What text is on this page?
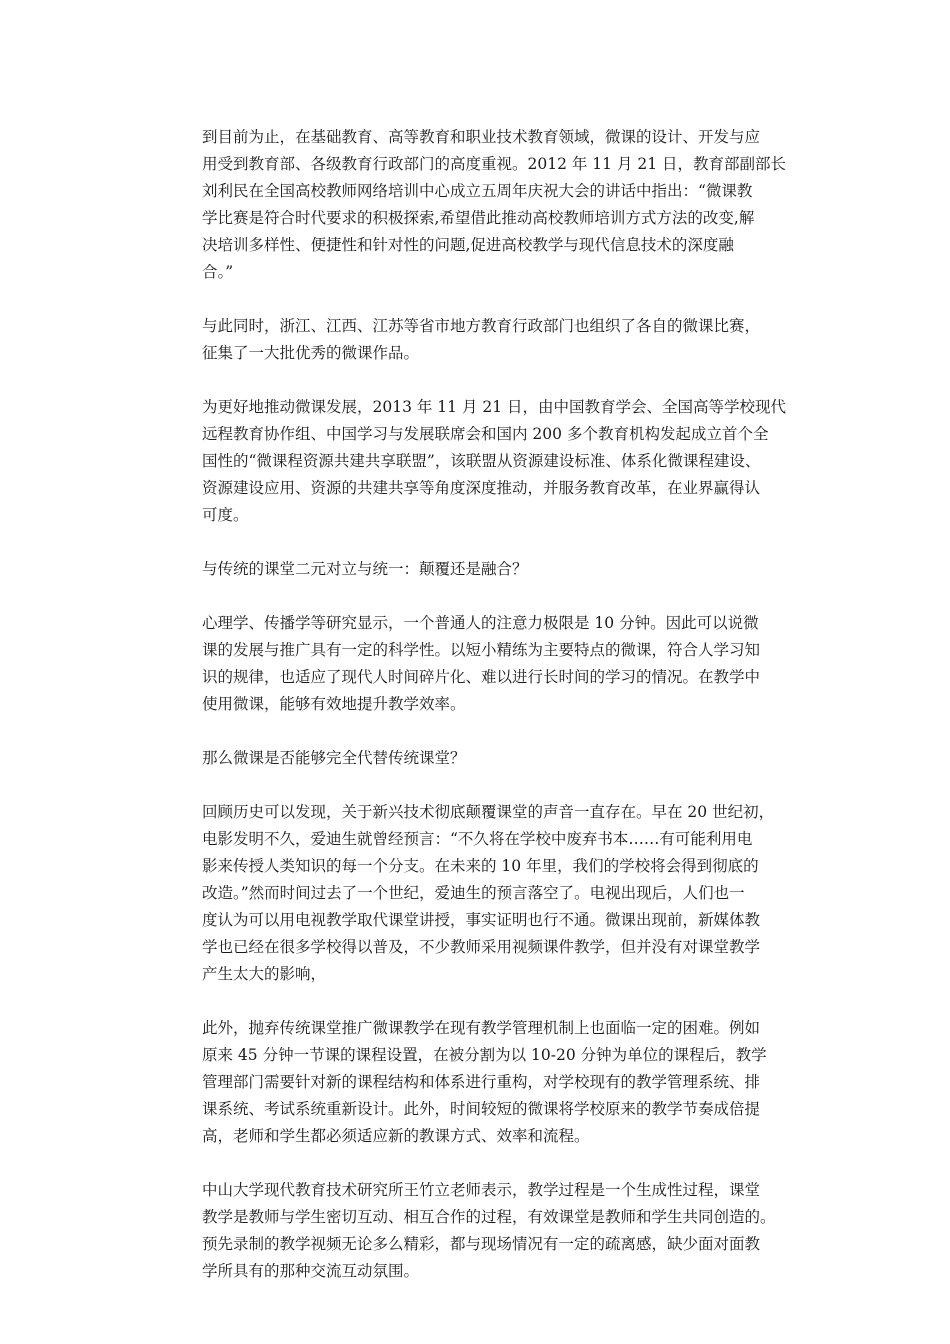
到目前为止，在基础教育、高等教育和职业技术教育领域，微课的设计、开发与应
用受到教育部、各级教育行政部门的高度重视。2012 年 11 月 21 日，教育部副部长
刘利民在全国高校教师网络培训中心成立五周年庆祝大会的讲话中指出：“微课教
学比赛是符合时代要求的积极探索,希望借此推动高校教师培训方式方法的改变,解
决培训多样性、便捷性和针对性的问题,促进高校教学与现代信息技术的深度融
合。”

与此同时，浙江、江西、江苏等省市地方教育行政部门也组织了各自的微课比赛，
征集了一大批优秀的微课作品。

为更好地推动微课发展，2013 年 11 月 21 日，由中国教育学会、全国高等学校现代
远程教育协作组、中国学习与发展联席会和国内 200 多个教育机构发起成立首个全
国性的“微课程资源共建共享联盟”，该联盟从资源建设标准、体系化微课程建设、
资源建设应用、资源的共建共享等角度深度推动，并服务教育改革，在业界赢得认
可度。

与传统的课堂二元对立与统一：颠覆还是融合？

心理学、传播学等研究显示，一个普通人的注意力极限是 10 分钟。因此可以说微
课的发展与推广具有一定的科学性。以短小精练为主要特点的微课，符合人学习知
识的规律，也适应了现代人时间碎片化、难以进行长时间的学习的情况。在教学中
使用微课，能够有效地提升教学效率。

那么微课是否能够完全代替传统课堂？

回顾历史可以发现，关于新兴技术彻底颠覆课堂的声音一直存在。早在 20 世纪初，
电影发明不久，爱迪生就曾经预言：“不久将在学校中废弃书本……有可能利用电
影来传授人类知识的每一个分支。在未来的 10 年里，我们的学校将会得到彻底的
改造。”然而时间过去了一个世纪，爱迪生的预言落空了。电视出现后，人们也一
度认为可以用电视教学取代课堂讲授，事实证明也行不通。微课出现前，新媒体教
学也已经在很多学校得以普及，不少教师采用视频课件教学，但并没有对课堂教学
产生太大的影响，

此外，抛弃传统课堂推广微课教学在现有教学管理机制上也面临一定的困难。例如
原来 45 分钟一节课的课程设置，在被分割为以 10-20 分钟为单位的课程后，教学
管理部门需要针对新的课程结构和体系进行重构，对学校现有的教学管理系统、排
课系统、考试系统重新设计。此外，时间较短的微课将学校原来的教学节奏成倍提
高，老师和学生都必须适应新的教课方式、效率和流程。

中山大学现代教育技术研究所王竹立老师表示，教学过程是一个生成性过程，课堂
教学是教师与学生密切互动、相互合作的过程，有效课堂是教师和学生共同创造的。
预先录制的教学视频无论多么精彩，都与现场情况有一定的疏离感，缺少面对面教
学所具有的那种交流互动氛围。
